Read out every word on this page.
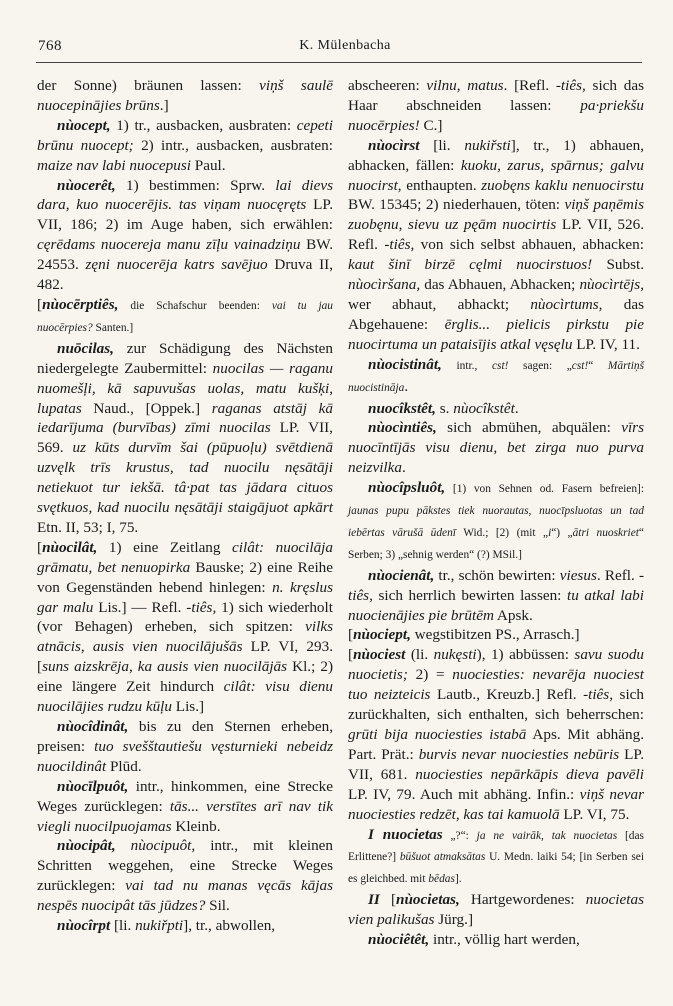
768	K. Mülenbacha

der Sonne) bräunen lassen: viņš saulē nuocepinājies brūns.]

nùocept, 1) tr., ausbacken, ausbraten: cepeti brūnu nuocept; 2) intr., ausbacken, ausbraten: maize nav labi nuocepusi Paul.

nùocerêt, 1) bestimmen: Sprw. lai dievs dara, kuo nuocerējis. tas viņam nuocęręts LP. VII, 186; 2) im Auge haben, sich erwählen: cęrēdams nuocereja manu zīļu vainadziņu BW. 24553. zęni nuocerēja katrs savējuo Druva II, 482.

[nùocērptiês, die Schafschur beenden: vai tu jau nuocērpies? Santen.]

nuōcilas, zur Schädigung des Nächsten niedergelegte Zaubermittel: nuocilas — raganu nuomešļi, kā sapuvušas uolas, matu kušķi, lupatas Naud., [Oppek.] raganas atstāj kā iedarījuma (burvības) zīmi nuocilas LP. VII, 569. uz kūts durvīm šai (pūpuoļu) svētdienā uzvęlk trīs krustus, tad nuocilu nęsātāji netiekuot tur iekšā. tâ·pat tas jādara cituos svętkuos, kad nuocilu nęsātāji staigājuot apkārt Etn. II, 53; I, 75.

[nùocilât, 1) eine Zeitlang cilât: nuocilāja grāmatu, bet nenuopirka Bauske; 2) eine Reihe von Gegenständen hebend hinlegen: n. kręslus gar malu Lis.] — Refl. -tiês, 1) sich wiederholt (vor Behagen) erheben, sich spitzen: vilks atnācis, ausis vien nuocilājušās LP. VI, 293. [suns aizskrēja, ka ausis vien nuocilājās Kl.; 2) eine längere Zeit hindurch cilât: visu dienu nuocilājies rudzu kūļu Lis.]

nùocîdinât, bis zu den Sternen erheben, preisen: tuo svešštautiešu vęsturnieki nebeidz nuocildinât Plūd.

nùocīlpuôt, intr., hinkommen, eine Strecke Weges zurücklegen: tās... verstītes arī nav tik viegli nuocilpuojamas Kleinb.

nùocipât, nùocipuôt, intr., mit kleinen Schritten weggehen, eine Strecke Weges zurücklegen: vai tad nu manas vęcās kājas nespēs nuocipât tās jūdzes? Sil.

nùocîrpt [li. nukiřpti], tr., abwollen,

abscheeren: vilnu, matus. [Refl. -tiês, sich das Haar abschneiden lassen: pa·priekšu nuocērpies! C.]

nùocìrst [li. nukiřsti], tr., 1) abhauen, abhacken, fällen: kuoku, zarus, spārnus; galvu nuocirst, enthaupten. zuobęns kaklu nenuocirstu BW. 15345; 2) niederhauen, töten: viņš paņēmis zuobęnu, sievu uz pęām nuocirtis LP. VII, 526. Refl. -tiês, von sich selbst abhauen, abhacken: kaut šinī birzē cęlmi nuocirstuos! Subst. nùocìršana, das Abhauen, Abhacken; nùocìrtējs, wer abhaut, abhackt; nùocìrtums, das Abgehauene: ērglis... pielicis pirkstu pie nuocirtuma un pataisījis atkal vęsęlu LP. IV, 11.

nùocistinât, intr., cst! sagen: „cst!“ Mārtiņš nuocistināja.

nuocîkstêt, s. nùocîkstêt.

nùocìntiês, sich abmühen, abquälen: vīrs nuocīntījās visu dienu, bet zirga nuo purva neizvilka.

nùocîpsluôt, [1) von Sehnen od. Fasern befreien]: jaunas pupu pākstes tiek nuorautas, nuocīpsluotas un tad iebērtas vārušā ūdenī Wid.; [2) (mit „i“) „ātri nuoskriet“ Serben; 3) „sehnig werden“ (?) MSil.]

nùocienât, tr., schön bewirten: viesus. Refl. -tiês, sich herrlich bewirten lassen: tu atkal labi nuocienājies pie brūtēm Apsk.

[nùociept, wegstibitzen PS., Arrasch.]

[nùociest (li. nukęsti), 1) abbüssen: savu suodu nuocietis; 2) = nuociesties: nevarēja nuociest tuo neizteicis Lautb., Kreuzb.] Refl. -tiês, sich zurückhalten, sich enthalten, sich beherrschen: grūti bija nuociesties istabā Aps. Mit abhäng. Part. Prät.: burvis nevar nuociesties nebūris LP. VII, 681. nuociesties nepārkāpis dieva pavēli LP. IV, 79. Auch mit abhäng. Infin.: viņš nevar nuociesties redzēt, kas tai kamuolā LP. VI, 75.

I nuocietas „?“: ja ne vairāk, tak nuocietas [das Erlittene?] būšuot atmaksātas U. Medn. laiki 54; [in Serben sei es gleichbed. mit bēdas].

II [nùocietas, Hartgewordenes: nuocietas vien palikušas Jürg.]

nùociêtêt, intr., völlig hart werden,
